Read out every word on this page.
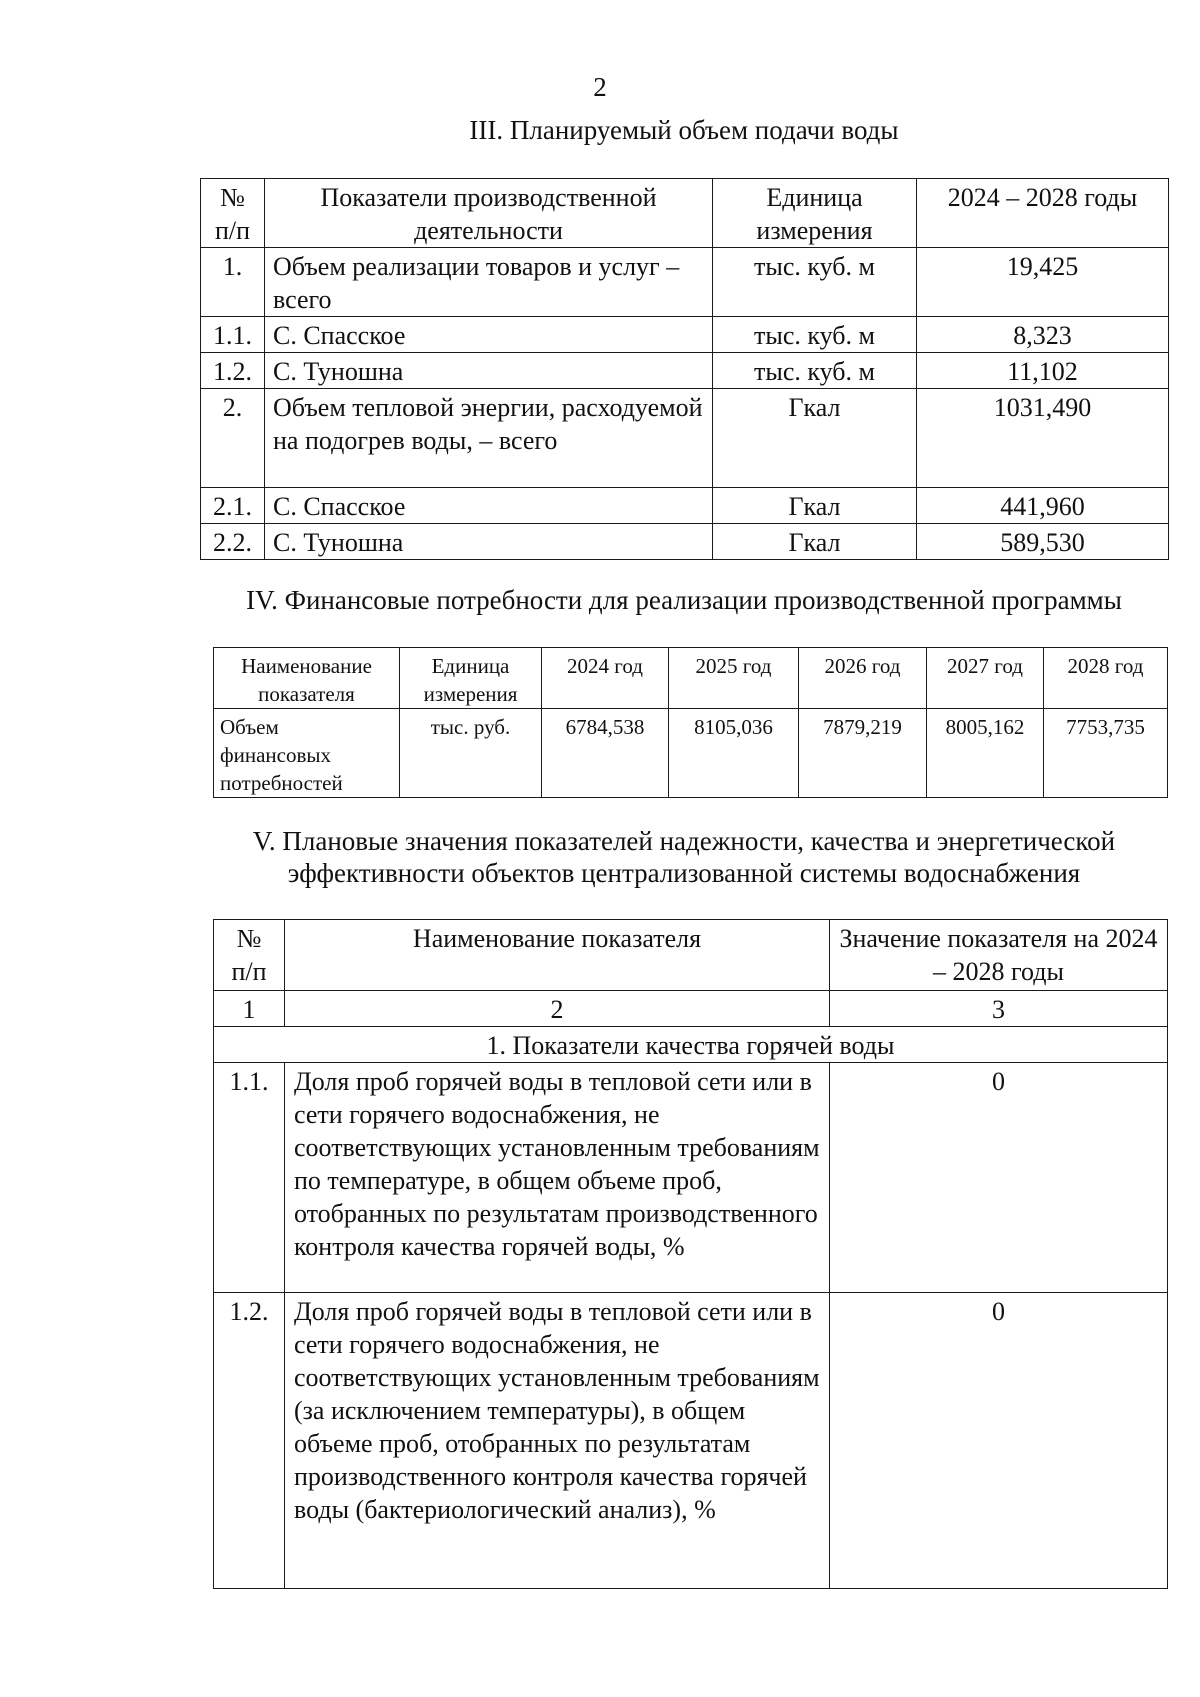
2
III. Планируемый объем подачи воды
№ п/п	Показатели производственной деятельности	Единица измерения	2024 – 2028 годы
1.	Объем реализации товаров и услуг – всего	тыс. куб. м	19,425
1.1.	С. Спасское	тыс. куб. м	8,323
1.2.	С. Туношна	тыс. куб. м	11,102
2.	Объем тепловой энергии, расходуемой на подогрев воды, – всего	Гкал	1031,490
2.1.	С. Спасское	Гкал	441,960
2.2.	С. Туношна	Гкал	589,530
IV. Финансовые потребности для реализации производственной программы
Наименование показателя	Единица измерения	2024 год	2025 год	2026 год	2027 год	2028 год
Объем финансовых потребностей	тыс. руб.	6784,538	8105,036	7879,219	8005,162	7753,735
V. Плановые значения показателей надежности, качества и энергетической
эффективности объектов централизованной системы водоснабжения
№ п/п	Наименование показателя	Значение показателя на 2024 – 2028 годы
1	2	3
1. Показатели качества горячей воды		
1.1.	Доля проб горячей воды в тепловой сети или в сети горячего водоснабжения, не соответствующих установленным требованиям по температуре, в общем объеме проб, отобранных по результатам производственного контроля качества горячей воды, %	0
1.2.	Доля проб горячей воды в тепловой сети или в сети горячего водоснабжения, не соответствующих установленным требованиям (за исключением температуры), в общем объеме проб, отобранных по результатам производственного контроля качества горячей воды (бактериологический анализ), %	0
